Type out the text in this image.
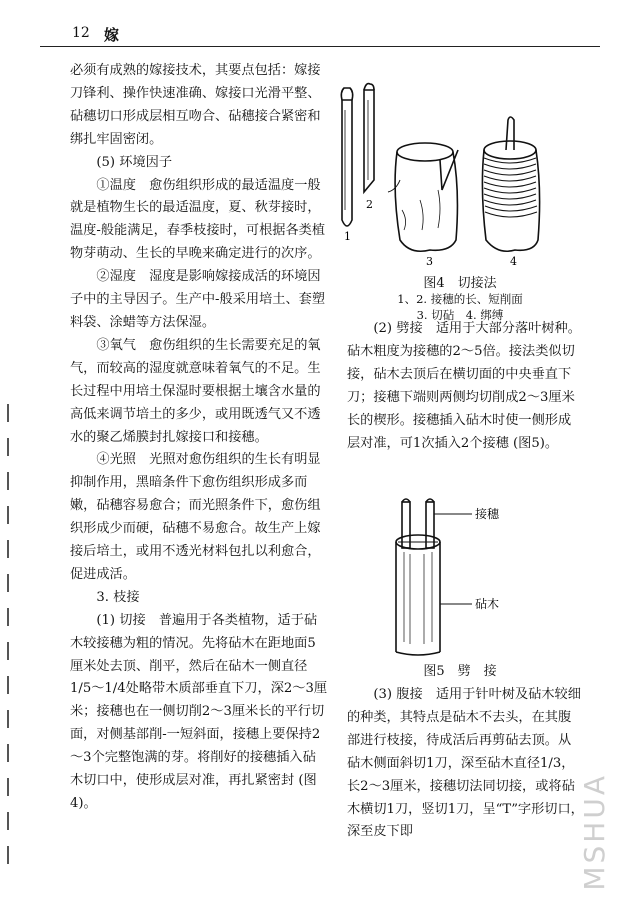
12 嫁

必须有成熟的嫁接技术，其要点包括：嫁接刀锋利、操作快速准确、嫁接口光滑平整、砧穗切口形成层相互吻合、砧穗接合紧密和绑扎牢固密闭。

(5) 环境因子

①温度　愈伤组织形成的最适温度一般就是植物生长的最适温度，夏、秋芽接时，温度-般能满足，春季枝接时，可根据各类植物芽萌动、生长的早晚来确定进行的次序。

②湿度　湿度是影响嫁接成活的环境因子中的主导因子。生产中-般采用培土、套塑料袋、涂蜡等方法保湿。

③氧气　愈伤组织的生长需要充足的氧气，而较高的湿度就意味着氧气的不足。生长过程中用培土保湿时要根据土壤含水量的高低来调节培土的多少，或用既透气又不透水的聚乙烯膜封扎嫁接口和接穗。

④光照　光照对愈伤组织的生长有明显抑制作用，黑暗条件下愈伤组织形成多而嫩，砧穗容易愈合；而光照条件下，愈伤组织形成少而硬，砧穗不易愈合。故生产上嫁接后培土，或用不透光材料包扎以利愈合，促进成活。

3. 枝接

(1) 切接　普遍用于各类植物，适于砧木较接穗为粗的情况。先将砧木在距地面5厘米处去顶、削平，然后在砧木一侧直径1/5～1/4处略带木质部垂直下刀，深2～3厘米；接穗也在一侧切削2～3厘米长的平行切面，对侧基部削-一短斜面，接穗上要保持2～3个完整饱满的芽。将削好的接穗插入砧木切口中，使形成层对准，再扎紧密封 (图4)。

1
2
3	4
图4　切接法
1、2. 接穗的长、短削面
3. 切砧　4. 绑缚

(2) 劈接　适用于大部分落叶树种。砧木粗度为接穗的2～5倍。接法类似切接，砧木去顶后在横切面的中央垂直下刀；接穗下端则两侧均切削成2～3厘米长的楔形。接穗插入砧木时使一侧形成层对准，可1次插入2个接穗 (图5)。

接穗
砧木
图5　劈　接

(3) 腹接　适用于针叶树及砧木较细的种类，其特点是砧木不去头，在其腹部进行枝接，待成活后再剪砧去顶。从砧木侧面斜切1刀，深至砧木直径1/3，长2～3厘米，接穗切法同切接，或将砧木横切1刀，竖切1刀，呈“T”字形切口，深至皮下即	MSHUA
